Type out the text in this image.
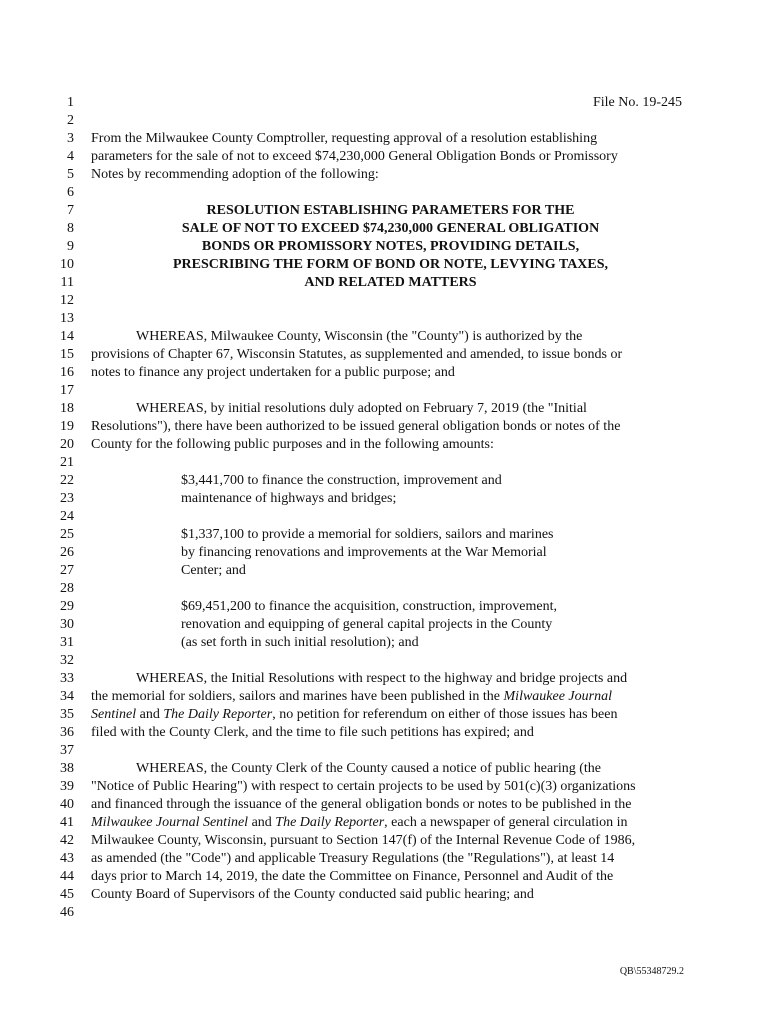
1	File No. 19-245
2
3 From the Milwaukee County Comptroller, requesting approval of a resolution establishing
4 parameters for the sale of not to exceed $74,230,000 General Obligation Bonds or Promissory
5 Notes by recommending adoption of the following:
6
7	RESOLUTION ESTABLISHING PARAMETERS FOR THE
8	SALE OF NOT TO EXCEED $74,230,000 GENERAL OBLIGATION
9	BONDS OR PROMISSORY NOTES, PROVIDING DETAILS,
10	PRESCRIBING THE FORM OF BOND OR NOTE, LEVYING TAXES,
11	AND RELATED MATTERS
12
13
14	WHEREAS, Milwaukee County, Wisconsin (the "County") is authorized by the
15 provisions of Chapter 67, Wisconsin Statutes, as supplemented and amended, to issue bonds or
16 notes to finance any project undertaken for a public purpose; and
17
18	WHEREAS, by initial resolutions duly adopted on February 7, 2019 (the "Initial
19 Resolutions"), there have been authorized to be issued general obligation bonds or notes of the
20 County for the following public purposes and in the following amounts:
21
22	$3,441,700 to finance the construction, improvement and
23	maintenance of highways and bridges;
24
25	$1,337,100 to provide a memorial for soldiers, sailors and marines
26	by financing renovations and improvements at the War Memorial
27	Center; and
28
29	$69,451,200 to finance the acquisition, construction, improvement,
30	renovation and equipping of general capital projects in the County
31	(as set forth in such initial resolution); and
32
33	WHEREAS, the Initial Resolutions with respect to the highway and bridge projects and
34 the memorial for soldiers, sailors and marines have been published in the Milwaukee Journal
35 Sentinel and The Daily Reporter, no petition for referendum on either of those issues has been
36 filed with the County Clerk, and the time to file such petitions has expired; and
37
38	WHEREAS, the County Clerk of the County caused a notice of public hearing (the
39 "Notice of Public Hearing") with respect to certain projects to be used by 501(c)(3) organizations
40 and financed through the issuance of the general obligation bonds or notes to be published in the
41 Milwaukee Journal Sentinel and The Daily Reporter, each a newspaper of general circulation in
42 Milwaukee County, Wisconsin, pursuant to Section 147(f) of the Internal Revenue Code of 1986,
43 as amended (the "Code") and applicable Treasury Regulations (the "Regulations"), at least 14
44 days prior to March 14, 2019, the date the Committee on Finance, Personnel and Audit of the
45 County Board of Supervisors of the County conducted said public hearing; and
46
QB\55348729.2
